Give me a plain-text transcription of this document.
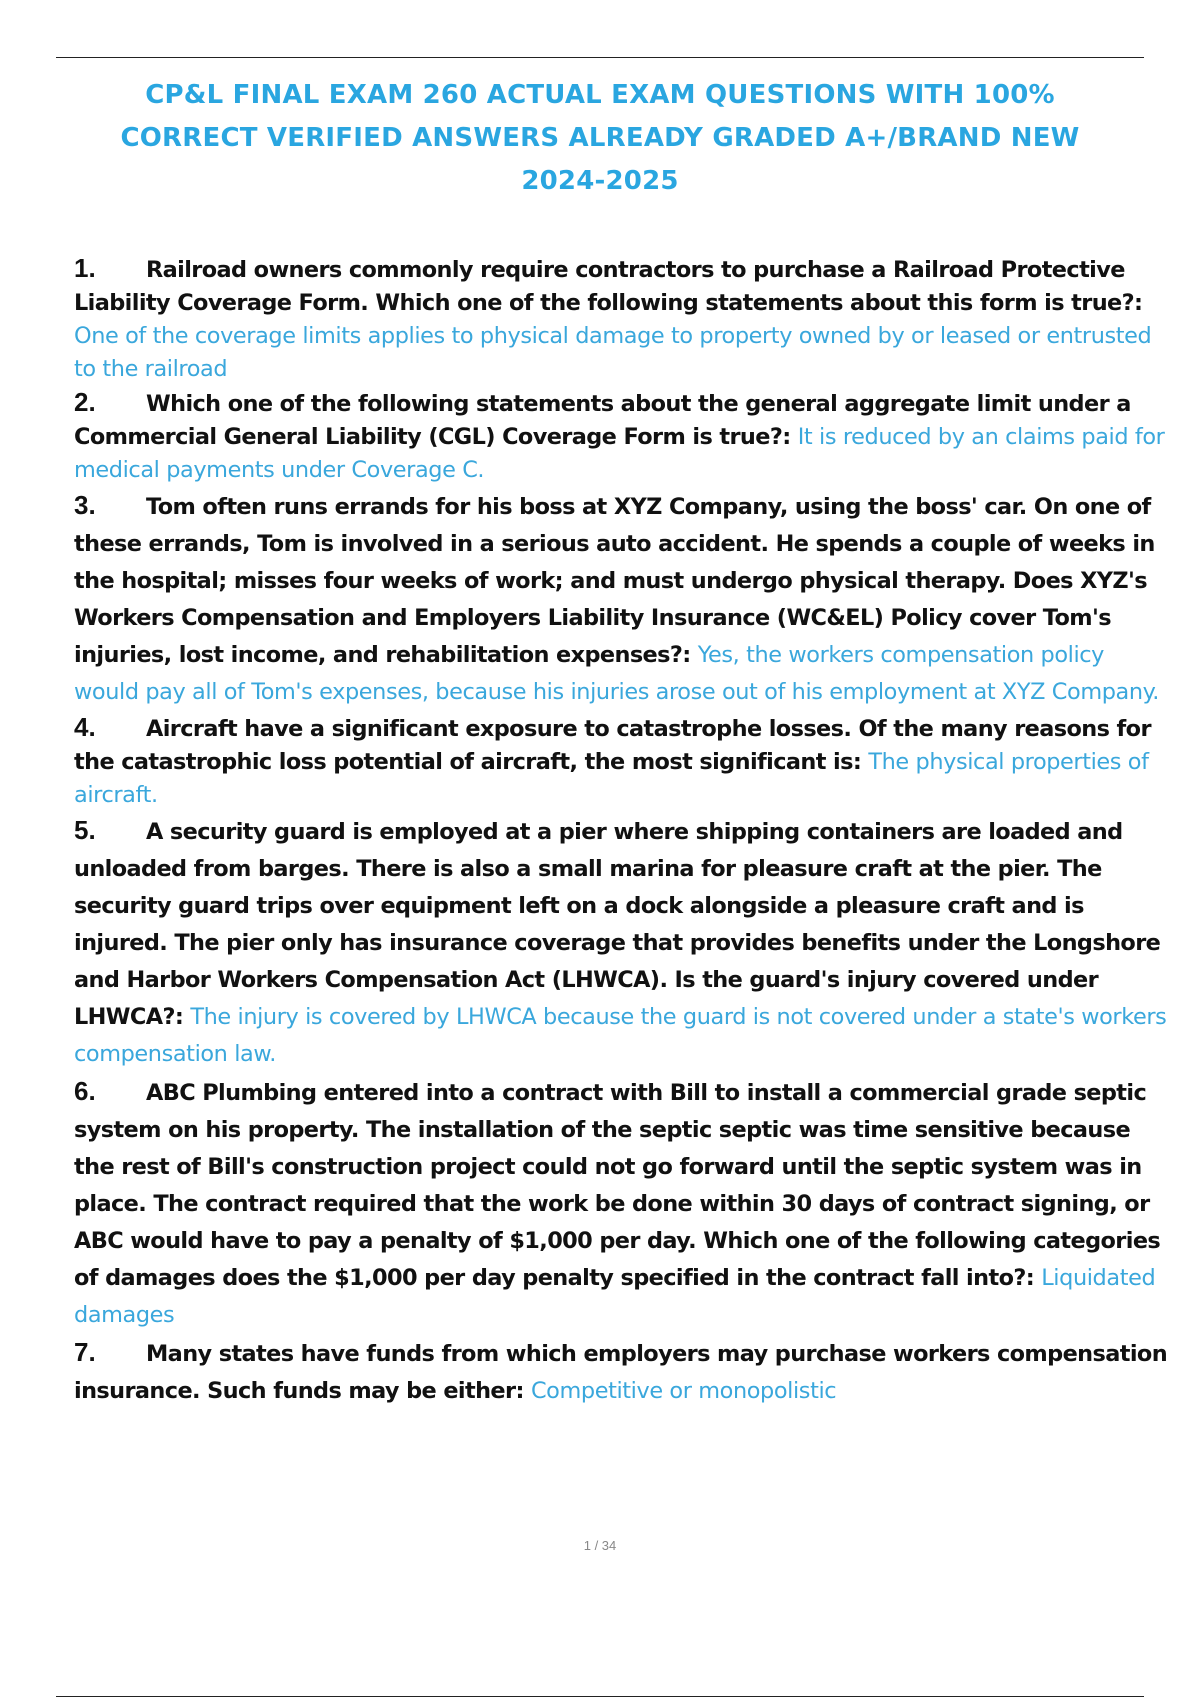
CP&L FINAL EXAM 260 ACTUAL EXAM QUESTIONS WITH 100%
CORRECT VERIFIED ANSWERS ALREADY GRADED A+/BRAND NEW
2024-2025
1. Railroad owners commonly require contractors to purchase a Railroad Protective Liability Coverage Form. Which one of the following statements about this form is true?: One of the coverage limits applies to physical damage to property owned by or leased or entrusted to the railroad
2. Which one of the following statements about the general aggregate limit under a Commercial General Liability (CGL) Coverage Form is true?: It is reduced by an claims paid for medical payments under Coverage C.
3. Tom often runs errands for his boss at XYZ Company, using the boss' car. On one of these errands, Tom is involved in a serious auto accident. He spends a couple of weeks in the hospital; misses four weeks of work; and must undergo physical therapy. Does XYZ's Workers Compensation and Employers Liability Insurance (WC&EL) Policy cover Tom's injuries, lost income, and rehabilitation expenses?: Yes, the workers compensation policy would pay all of Tom's expenses, because his injuries arose out of his employment at XYZ Company.
4. Aircraft have a significant exposure to catastrophe losses. Of the many reasons for the catastrophic loss potential of aircraft, the most significant is: The physical properties of aircraft.
5. A security guard is employed at a pier where shipping containers are loaded and unloaded from barges. There is also a small marina for pleasure craft at the pier. The security guard trips over equipment left on a dock alongside a pleasure craft and is injured. The pier only has insurance coverage that provides benefits under the Longshore and Harbor Workers Compensation Act (LHWCA). Is the guard's injury covered under LHWCA?: The injury is covered by LHWCA because the guard is not covered under a state's workers compensation law.
6. ABC Plumbing entered into a contract with Bill to install a commercial grade septic system on his property. The installation of the septic septic was time sensitive because the rest of Bill's construction project could not go forward until the septic system was in place. The contract required that the work be done within 30 days of contract signing, or ABC would have to pay a penalty of $1,000 per day. Which one of the following categories of damages does the $1,000 per day penalty specified in the contract fall into?: Liquidated damages
7. Many states have funds from which employers may purchase workers compensation insurance. Such funds may be either: Competitive or monopolistic
1 / 34
